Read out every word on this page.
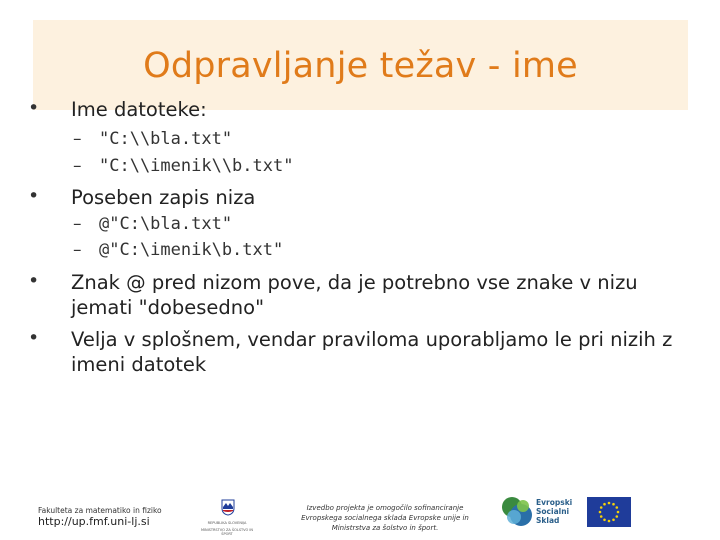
Odpravljanje težav - ime
• Ime datoteke:
– "C:\\bla.txt"
– "C:\\imenik\\b.txt"
• Poseben zapis niza
– @"C:\bla.txt"
– @"C:\imenik\b.txt"
• Znak @ pred nizom pove, da je potrebno vse znake v nizu jemati "dobesedno"
• Velja v splošnem, vendar praviloma uporabljamo le pri nizih z imeni datotek
Fakulteta za matematiko in fiziko
http://up.fmf.uni-lj.si	REPUBLIKA SLOVENIJA
MINISTRSTVO ZA ŠOLSTVO IN ŠPORT
Izvedbo projekta je omogočilo sofinanciranje
Evropskega socialnega sklada Evropske unije in
Ministrstva za šolstvo in šport.
Evropski
Socialni
Sklad
